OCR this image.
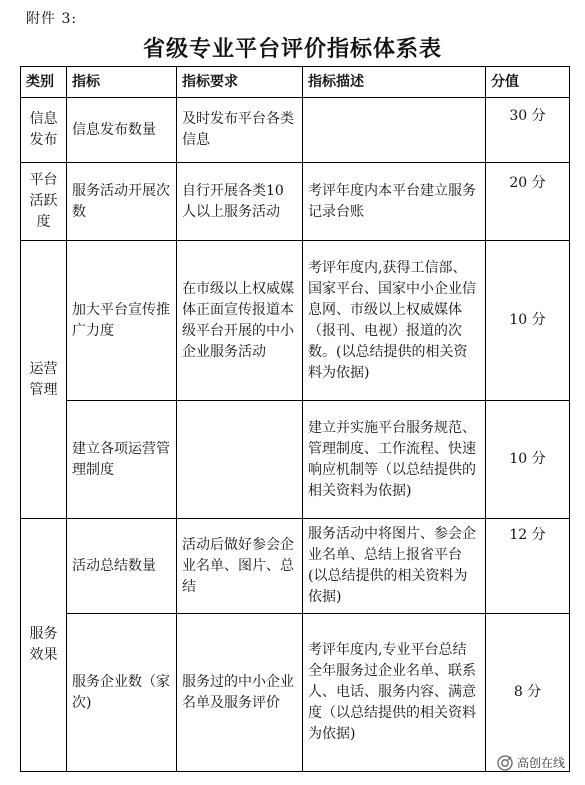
附件 3:
省级专业平台评价指标体系表
类别	指标	指标要求	指标描述	分值
信息发布	信息发布数量	及时发布平台各类信息		30 分
平台活跃度	服务活动开展次数	自行开展各类10 人以上服务活动	考评年度内本平台建立服务记录台账	20 分
运营管理	加大平台宣传推广力度	在市级以上权威媒体正面宣传报道本级平台开展的中小企业服务活动	考评年度内,获得工信部、国家平台、国家中小企业信息网、市级以上权威媒体（报刊、电视）报道的次数。(以总结提供的相关资料为依据)	10 分
	建立各项运营管理制度		建立并实施平台服务规范、管理制度、工作流程、快速响应机制等（以总结提供的相关资料为依据)	10 分
服务效果	活动总结数量	活动后做好参会企业名单、图片、总结	服务活动中将图片、参会企业名单、总结上报省平台(以总结提供的相关资料为依据)	12 分
	服务企业数（家次)	服务过的中小企业名单及服务评价	考评年度内,专业平台总结全年服务过企业名单、联系人、电话、服务内容、满意度（以总结提供的相关资料为依据)	8 分
高创在线
